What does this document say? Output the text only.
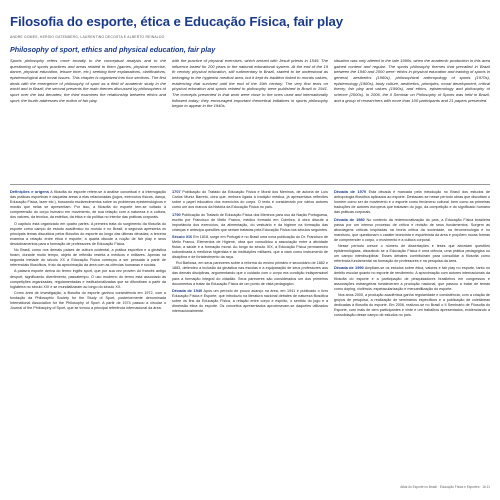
Filosofia do esporte, ética e Educação Física, fair play
ANDRE GOMES, HERSIO GATENBERG, LAURENTINO DECOSTA E ALBERTO REINALDO
Philosophy of sport, ethics and physical education, fair play
Sports philosophy refers more broadly to the conceptual analysis and to the questioning of sports practices and areas related to them (games, physical exercise, dance, physical education, leisure time, etc.) seeking their explanations, clarifications, epistemological and moral issues. This chapter is organized into four sections. The first deals with the emergence of philosophy of sport as a field of academic study in the world and in Brazil; the second presents the main themes discussed by philosophers of sport over the last decades; the third examines the relationship between ethics and sport; the fourth addresses the notion of fair play.
with the practice of physical exercises, which arrived with Jesuit priests in 1549. The influence lasted for 200 years in the national educational system. At the end of the 19 th century physical education, still rudimentary in Brazil, started to be understood as belonging to the hygienist medical area, but it kept its tradition linked to morals values, evidencing that survived until the end of the 19th century. The very first texts on physical education and sports related to philosophy were published in Brazil in 1941. The concepts presented in that work were close to the ones used and internationally followed today; they encouraged important theoretical initiatives in sports philosophy begun to appear in the 1940s.
situation was only altered in the late 1990s, when the academic production in this area gained content and regular. The sports philosophy themes that prevailed in Brazil between the 1940 and 2000 were: ethics in physical education and training of sports in general, aesthetics (1960s), philosophical anthropology of sports (1970s), epistemology (1980s), body culture, aesthetics, principles, moral development, critical theory, fair play and values (1990s), and ethics, epistemology and philosophy of science (2000s). In 2006, the II Seminar on Philosophy of Sports was held in Brazil, and a group of researchers with more than 100 participants and 21 papers presented.

Definições e origens A filosofia do esporte refere-se à análise conceitual e à interrogação das práticas esportivas e daquelas áreas a elas relacionadas (jogos, exercícios físicos, dança, Educação Física, lazer etc.), buscando esclarecimentos sobre os problemas epistemológicos e morais que nelas se apresentam. Por isso, a filosofia do esporte tem-se voltado à compreensão do corpo humano em movimento, de sua relação com a natureza e a cultura, dos valores, da técnica, da estética, da ética e da política no interior das práticas corporais.

O capítulo está organizado em quatro partes. A primeira trata do surgimento da filosofia do esporte como campo de estudo acadêmico no mundo e no Brasil; a segunda apresenta os principais temas discutidos pelos filósofos do esporte ao longo das últimas décadas; a terceira examina a relação entre ética e esporte; a quarta discute a noção de fair play e seus desdobramentos para a formação de professores de Educação Física.

No Brasil, como nos demais países de cultura ocidental, a prática esportiva e a ginástica foram, durante muito tempo, objeto de reflexão restrita a médicos e militares. Apenas na segunda metade do século XX a Educação Física começou a ser pensada a partir de referenciais filosóficos, fruto da aproximação da área com as ciências humanas e sociais.

A palavra esporte deriva do termo inglês sport, que por sua vez provém do francês antigo desport, significando divertimento, passatempo. O uso moderno do termo está associado às competições organizadas, regulamentadas e institucionalizadas que se difundiram a partir da Inglaterra no século XIX e se mundializaram ao longo do século XX.

Como área de investigação, a filosofia do esporte ganhou consistência em 1972, com a fundação da Philosophic Society for the Study of Sport, posteriormente denominada International Association for the Philosophy of Sport. A partir de 1974 passou a circular o Journal of the Philosophy of Sport, que se tornou a principal referência internacional da área.

1707 Publicação do Tratado da Educação Física e Moral dos Meninos, de autoria de Luís Carlos Muniz Barreto, obra que, embora ligada à tradição médica, já apresentava reflexões sobre o papel educativo dos exercícios do corpo. O texto é considerado por vários autores como um dos marcos da história da Educação Física no país.

1790 Publicação do Tratado de Educação Física dos Meninos para uso da Nação Portuguesa, escrito por Francisco de Mello Franco, médico formado em Coimbra. A obra discute a importância dos exercícios, da alimentação, do vestuário e da higiene na formação das crianças e antecipa questões que seriam tratadas pela Educação Física nos séculos seguintes.

Século XIX Em 1818, surge em Portugal e no Brasil uma nova publicação do Dr. Francisco de Mello Franco, Elementos de Higiene, obra que consolidou a associação entre a atividade física, a saúde e a formação moral. Ao longo do século XIX, a Educação Física permaneceu subordinada à medicina higienista e às instituições militares, que a viam como instrumento de disciplina e de fortalecimento da raça.

Rui Barbosa, em seus pareceres sobre a reforma do ensino primário e secundário de 1882 e 1883, defendeu a inclusão da ginástica nas escolas e a equiparação de seus professores aos das demais disciplinas, argumentando que o cuidado com o corpo era condição indispensável para a formação integral do cidadão. Seus pareceres são considerados um dos primeiros documentos a tratar da Educação Física de um ponto de vista pedagógico.

Década de 1940 Após um período de pouco avanço na área, em 1941 é publicado o livro Educação Física e Esporte, que introduziu na literatura nacional debates de natureza filosófica sobre os fins da Educação Física, a relação entre corpo e espírito, o sentido do jogo e a dimensão ética do esporte. Os conceitos apresentados aproximavam-se daqueles utilizados internacionalmente.

Década de 1970 Esta década é marcada pela introdução no Brasil dos estudos de antropologia filosófica aplicados ao esporte. Destacam-se nesse período obras que discutiam o homem como ser de movimento e o esporte como fenômeno cultural, bem como as primeiras traduções de autores europeus que tratavam do jogo, da competição e do significado humano das práticas corporais.

Década de 1980 No contexto da redemocratização do país, a Educação Física brasileira passa por um intenso processo de crítica e revisão de seus fundamentos. Surgem as abordagens críticas inspiradas na teoria crítica da sociedade, na fenomenologia e no marxismo, que questionam o caráter tecnicista e esportivista da área e propõem novas formas de compreender o corpo, o movimento e a cultura corporal.

Nesse período cresce o número de dissertações e teses que abordam questões epistemológicas, discutindo se a Educação Física é uma ciência, uma prática pedagógica ou um campo interdisciplinar. Esses debates contribuíram para consolidar a filosofia como referência fundamental na formação de professores e na pesquisa da área.

Década de 1990 Ampliam-se os estudos sobre ética, valores e fair play no esporte, tanto no âmbito escolar quanto no esporte de rendimento. A aproximação com autores internacionais da filosofia do esporte e a participação de pesquisadores brasileiros em congressos e associações estrangeiras fortaleceram a produção nacional, que passou a tratar de temas como doping, violência, espetacularização e mercantilização do esporte.

Nos anos 2000, a produção acadêmica ganha regularidade e consistência, com a criação de grupos de pesquisa, a realização de seminários específicos e a publicação de coletâneas dedicadas à filosofia do esporte. Em 2006, realizou-se no Brasil o II Seminário de Filosofia do Esporte, com mais de cem participantes e vinte e um trabalhos apresentados, evidenciando a consolidação desse campo de estudos no país.

Atlas do Esporte no Brasil · Educação Física e Esportes · 16.11
